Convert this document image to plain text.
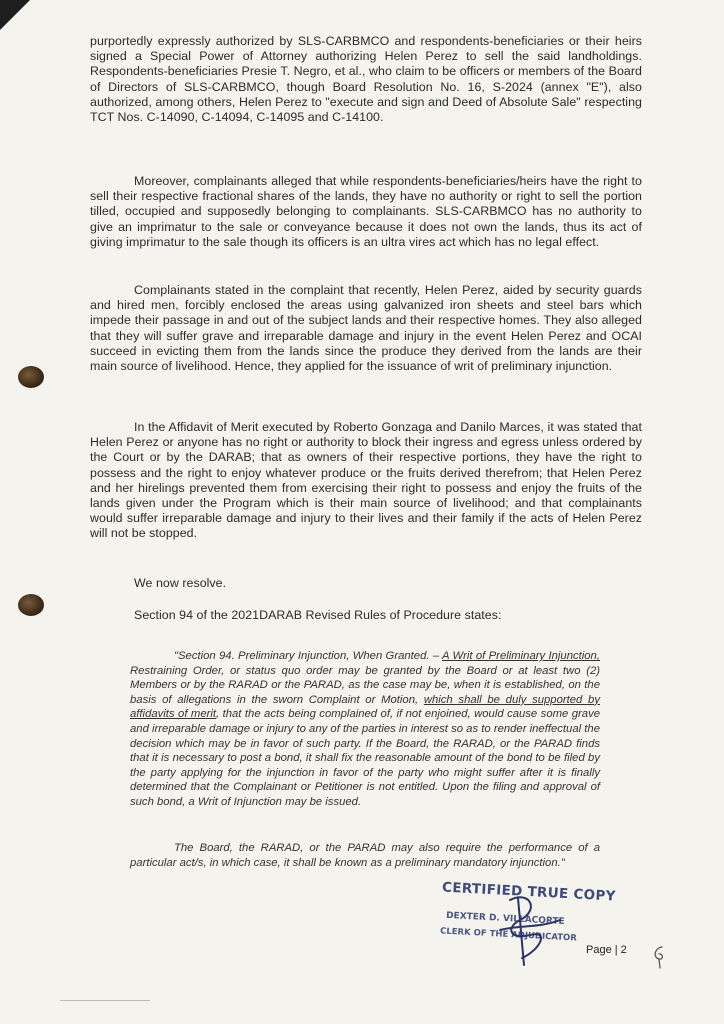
purportedly expressly authorized by SLS-CARBMCO and respondents-beneficiaries or their heirs signed a Special Power of Attorney authorizing Helen Perez to sell the said landholdings. Respondents-beneficiaries Presie T. Negro, et al., who claim to be officers or members of the Board of Directors of SLS-CARBMCO, though Board Resolution No. 16, S-2024 (annex "E"), also authorized, among others, Helen Perez to "execute and sign and Deed of Absolute Sale" respecting TCT Nos. C-14090, C-14094, C-14095 and C-14100.

Moreover, complainants alleged that while respondents-beneficiaries/heirs have the right to sell their respective fractional shares of the lands, they have no authority or right to sell the portion tilled, occupied and supposedly belonging to complainants. SLS-CARBMCO has no authority to give an imprimatur to the sale or conveyance because it does not own the lands, thus its act of giving imprimatur to the sale though its officers is an ultra vires act which has no legal effect.

Complainants stated in the complaint that recently, Helen Perez, aided by security guards and hired men, forcibly enclosed the areas using galvanized iron sheets and steel bars which impede their passage in and out of the subject lands and their respective homes. They also alleged that they will suffer grave and irreparable damage and injury in the event Helen Perez and OCAI succeed in evicting them from the lands since the produce they derived from the lands are their main source of livelihood. Hence, they applied for the issuance of writ of preliminary injunction.

In the Affidavit of Merit executed by Roberto Gonzaga and Danilo Marces, it was stated that Helen Perez or anyone has no right or authority to block their ingress and egress unless ordered by the Court or by the DARAB; that as owners of their respective portions, they have the right to possess and the right to enjoy whatever produce or the fruits derived therefrom; that Helen Perez and her hirelings prevented them from exercising their right to possess and enjoy the fruits of the lands given under the Program which is their main source of livelihood; and that complainants would suffer irreparable damage and injury to their lives and their family if the acts of Helen Perez will not be stopped.

We now resolve.

Section 94 of the 2021DARAB Revised Rules of Procedure states:

"Section 94. Preliminary Injunction, When Granted. – A Writ of Preliminary Injunction, Restraining Order, or status quo order may be granted by the Board or at least two (2) Members or by the RARAD or the PARAD, as the case may be, when it is established, on the basis of allegations in the sworn Complaint or Motion, which shall be duly supported by affidavits of merit, that the acts being complained of, if not enjoined, would cause some grave and irreparable damage or injury to any of the parties in interest so as to render ineffectual the decision which may be in favor of such party. If the Board, the RARAD, or the PARAD finds that it is necessary to post a bond, it shall fix the reasonable amount of the bond to be filed by the party applying for the injunction in favor of the party who might suffer after it is finally determined that the Complainant or Petitioner is not entitled. Upon the filing and approval of such bond, a Writ of Injunction may be issued.

The Board, the RARAD, or the PARAD may also require the performance of a particular act/s, in which case, it shall be known as a preliminary mandatory injunction."

CERTIFIED TRUE COPY
DEXTER D. VILLACORTE
CLERK OF THE ADJUDICATOR
Page | 2
